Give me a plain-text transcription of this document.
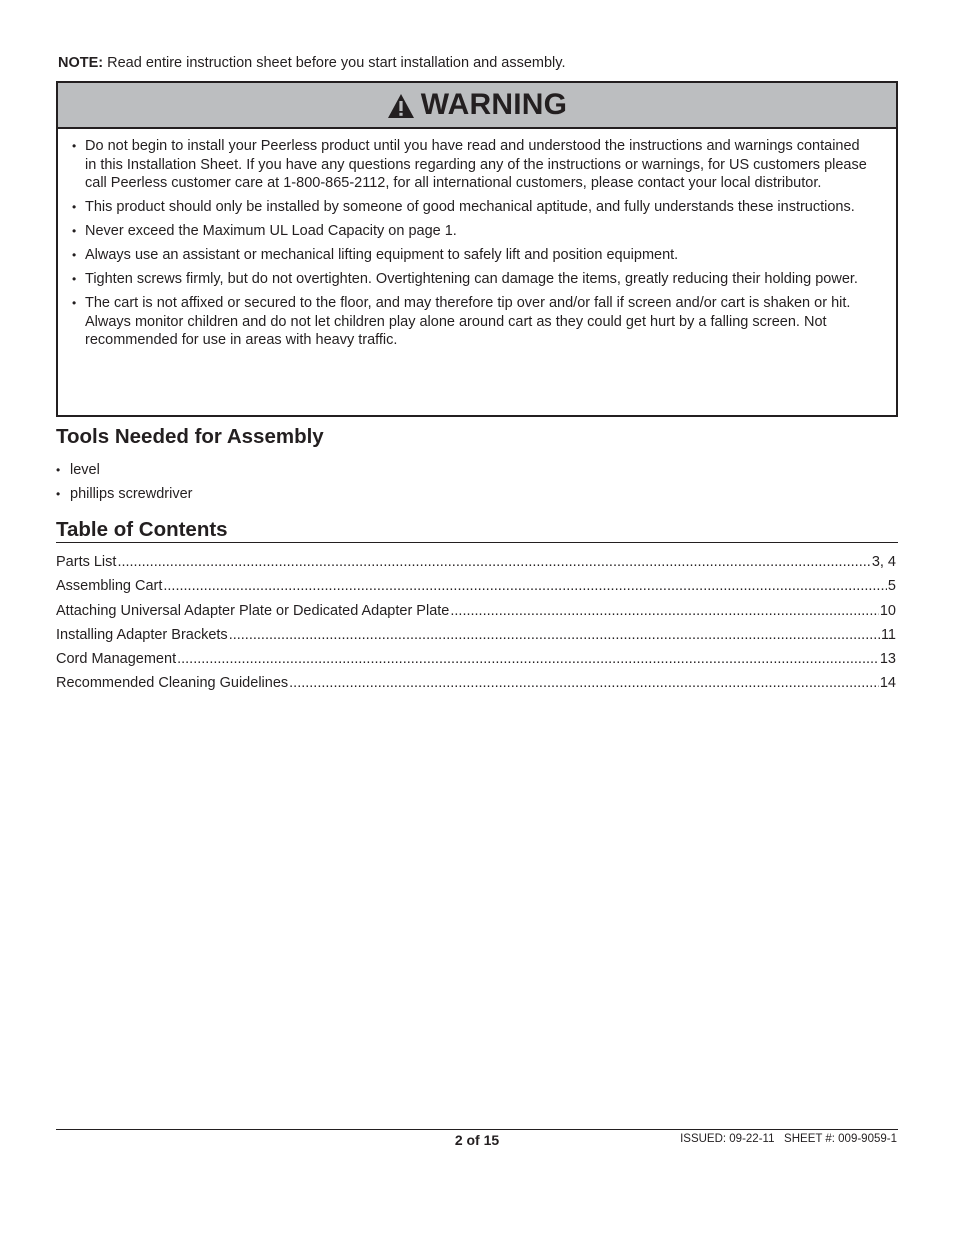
NOTE: Read entire instruction sheet before you start installation and assembly.
WARNING
• Do not begin to install your Peerless product until you have read and understood the instructions and warnings contained in this Installation Sheet. If you have any questions regarding any of the instructions or warnings, for US customers please call Peerless customer care at 1-800-865-2112, for all international customers, please contact your local distributor.
• This product should only be installed by someone of good mechanical aptitude, and fully understands these instructions.
• Never exceed the Maximum UL Load Capacity on page 1.
• Always use an assistant or mechanical lifting equipment to safely lift and position equipment.
• Tighten screws firmly, but do not overtighten. Overtightening can damage the items, greatly reducing their holding power.
• The cart is not affixed or secured to the floor, and may therefore tip over and/or fall if screen and/or cart is shaken or hit. Always monitor children and do not let children play alone around cart as they could get hurt by a falling screen. Not recommended for use in areas with heavy traffic.
Tools Needed for Assembly
• level
• phillips screwdriver
Table of Contents
Parts List .....	3, 4
Assembling Cart .....	5
Attaching Universal Adapter Plate or Dedicated Adapter Plate .....	10
Installing Adapter Brackets .....	11
Cord Management .....	13
Recommended Cleaning Guidelines .....	14
2 of 15	ISSUED: 09-22-11   SHEET #: 009-9059-1
